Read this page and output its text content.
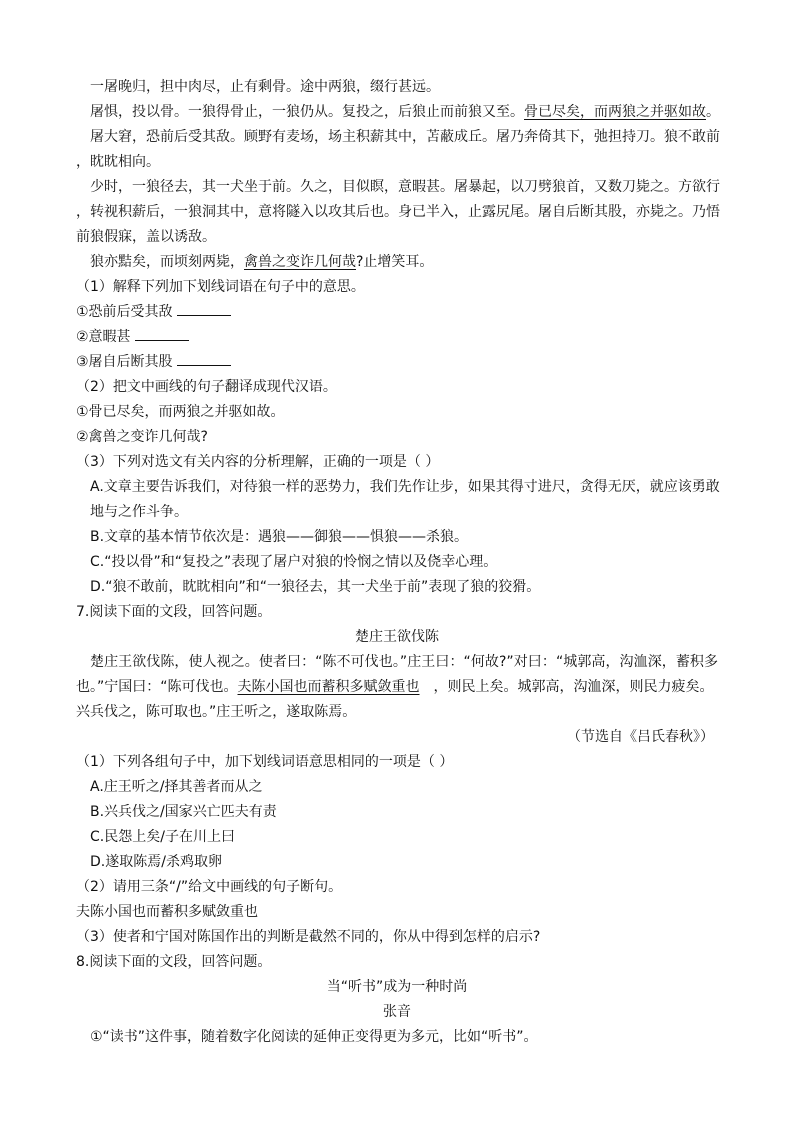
一屠晚归，担中肉尽，止有剩骨。途中两狼，缀行甚远。
屠惧，投以骨。一狼得骨止，一狼仍从。复投之，后狼止而前狼又至。骨已尽矣，而两狼之并驱如故。
屠大窘，恐前后受其敌。顾野有麦场，场主积薪其中，苫蔽成丘。屠乃奔倚其下，弛担持刀。狼不敢前
，眈眈相向。
少时，一狼径去，其一犬坐于前。久之，目似瞑，意暇甚。屠暴起，以刀劈狼首，又数刀毙之。方欲行
，转视积薪后，一狼洞其中，意将隧入以攻其后也。身已半入，止露尻尾。屠自后断其股，亦毙之。乃悟
前狼假寐，盖以诱敌。
狼亦黠矣，而顷刻两毙，禽兽之变诈几何哉?止增笑耳。
（1）解释下列加下划线词语在句子中的意思。
①恐前后受其敌
②意暇甚
③屠自后断其股
（2）把文中画线的句子翻译成现代汉语。
①骨已尽矣，而两狼之并驱如故。
②禽兽之变诈几何哉?
（3）下列对选文有关内容的分析理解，正确的一项是（ ）
A.文章主要告诉我们，对待狼一样的恶势力，我们先作让步，如果其得寸进尺，贪得无厌，就应该勇敢
地与之作斗争。
B.文章的基本情节依次是：遇狼——御狼——惧狼——杀狼。
C.“投以骨”和“复投之”表现了屠户对狼的怜悯之情以及侥幸心理。
D.“狼不敢前，眈眈相向”和“一狼径去，其一犬坐于前”表现了狼的狡猾。
7.阅读下面的文段，回答问题。
楚庄王欲伐陈
楚庄王欲伐陈，使人视之。使者曰：“陈不可伐也。”庄王曰：“何故?”对曰：“城郭高，沟洫深，蓄积多
也。”宁国曰：“陈可伐也。夫陈小国也而蓄积多赋敛重也　，则民上矣。城郭高，沟洫深，则民力疲矣。
兴兵伐之，陈可取也。”庄王听之，遂取陈焉。
（节选自《吕氏春秋》）
（1）下列各组句子中，加下划线词语意思相同的一项是（ ）
A.庄王听之/择其善者而从之
B.兴兵伐之/国家兴亡匹夫有责
C.民怨上矣/子在川上曰
D.遂取陈焉/杀鸡取卵
（2）请用三条“/”给文中画线的句子断句。
夫陈小国也而蓄积多赋敛重也
（3）使者和宁国对陈国作出的判断是截然不同的，你从中得到怎样的启示?
8.阅读下面的文段，回答问题。
当“听书”成为一种时尚
张音
①“读书”这件事，随着数字化阅读的延伸正变得更为多元，比如“听书”。
